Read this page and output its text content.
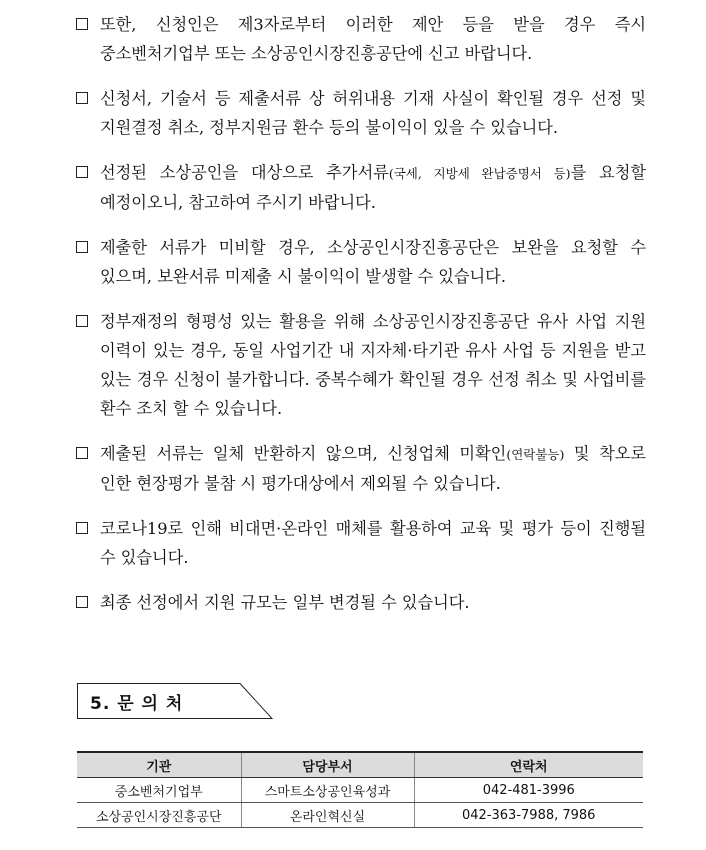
또한, 신청인은 제3자로부터 이러한 제안 등을 받을 경우 즉시 중소벤처기업부 또는 소상공인시장진흥공단에 신고 바랍니다.
신청서, 기술서 등 제출서류 상 허위내용 기재 사실이 확인될 경우 선정 및 지원결정 취소, 정부지원금 환수 등의 불이익이 있을 수 있습니다.
선정된 소상공인을 대상으로 추가서류(국세, 지방세 완납증명서 등)를 요청할 예정이오니, 참고하여 주시기 바랍니다.
제출한 서류가 미비할 경우, 소상공인시장진흥공단은 보완을 요청할 수 있으며, 보완서류 미제출 시 불이익이 발생할 수 있습니다.
정부재정의 형평성 있는 활용을 위해 소상공인시장진흥공단 유사 사업 지원 이력이 있는 경우, 동일 사업기간 내 지자체·타기관 유사 사업 등 지원을 받고 있는 경우 신청이 불가합니다. 중복수혜가 확인될 경우 선정 취소 및 사업비를 환수 조치 할 수 있습니다.
제출된 서류는 일체 반환하지 않으며, 신청업체 미확인(연락불능) 및 착오로 인한 현장평가 불참 시 평가대상에서 제외될 수 있습니다.
코로나19로 인해 비대면·온라인 매체를 활용하여 교육 및 평가 등이 진행될 수 있습니다.
최종 선정에서 지원 규모는 일부 변경될 수 있습니다.
5. 문 의 처
기관	담당부서	연락처
중소벤처기업부	스마트소상공인육성과	042-481-3996
소상공인시장진흥공단	온라인혁신실	042-363-7988, 7986
